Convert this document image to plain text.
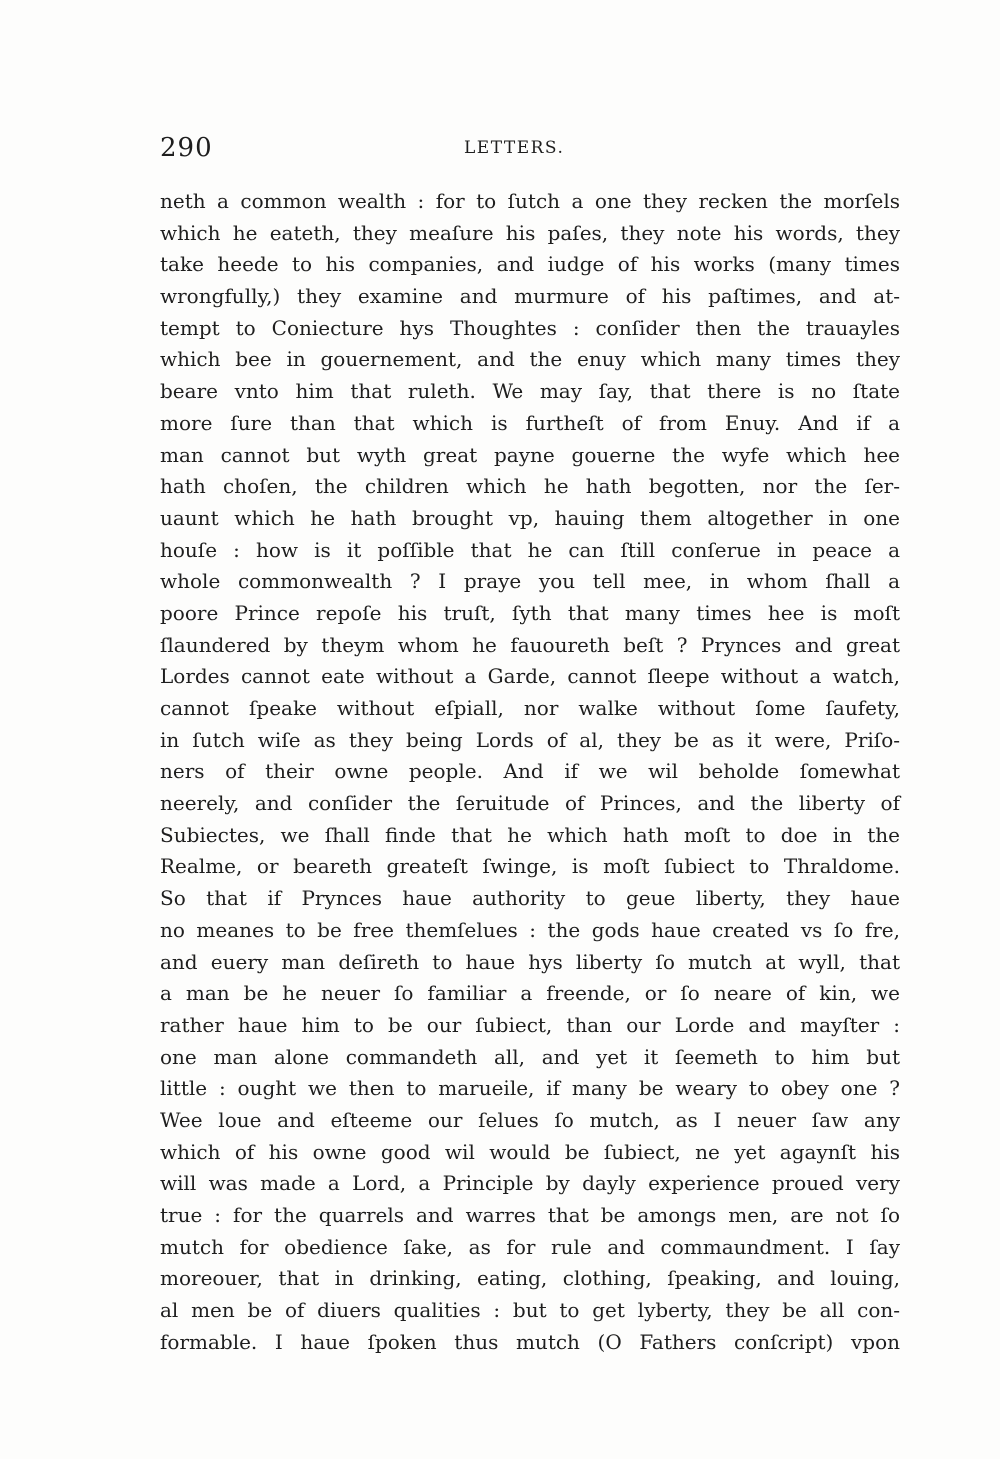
290	LETTERS.
neth a common wealth : for to ſutch a one they recken the morſels
which he eateth, they meaſure his paſes, they note his words, they
take heede to his companies, and iudge of his works (many times
wrongfully,) they examine and murmure of his paſtimes, and at-
tempt to Coniecture hys Thoughtes : conſider then the trauayles
which bee in gouernement, and the enuy which many times they
beare vnto him that ruleth. We may ſay, that there is no ſtate
more ſure than that which is furtheſt of from Enuy. And if a
man cannot but wyth great payne gouerne the wyfe which hee
hath choſen, the children which he hath begotten, nor the ſer-
uaunt which he hath brought vp, hauing them altogether in one
houſe : how is it poſſible that he can ſtill conſerue in peace a
whole commonwealth ? I praye you tell mee, in whom ſhall a
poore Prince repoſe his truſt, ſyth that many times hee is moſt
ſlaundered by theym whom he fauoureth beſt ? Prynces and great
Lordes cannot eate without a Garde, cannot ſleepe without a watch,
cannot ſpeake without eſpiall, nor walke without ſome ſaufety,
in ſutch wiſe as they being Lords of al, they be as it were, Priſo-
ners of their owne people. And if we wil beholde ſomewhat
neerely, and conſider the ſeruitude of Princes, and the liberty of
Subiectes, we ſhall finde that he which hath moſt to doe in the
Realme, or beareth greateſt ſwinge, is moſt ſubiect to Thraldome.
So that if Prynces haue authority to geue liberty, they haue
no meanes to be free themſelues : the gods haue created vs ſo fre,
and euery man deſireth to haue hys liberty ſo mutch at wyll, that
a man be he neuer ſo familiar a freende, or ſo neare of kin, we
rather haue him to be our ſubiect, than our Lorde and mayſter :
one man alone commandeth all, and yet it ſeemeth to him but
little : ought we then to marueile, if many be weary to obey one ?
Wee loue and eſteeme our ſelues ſo mutch, as I neuer ſaw any
which of his owne good wil would be ſubiect, ne yet agaynſt his
will was made a Lord, a Principle by dayly experience proued very
true : for the quarrels and warres that be amongs men, are not ſo
mutch for obedience ſake, as for rule and commaundment. I ſay
moreouer, that in drinking, eating, clothing, ſpeaking, and louing,
al men be of diuers qualities : but to get lyberty, they be all con-
formable. I haue ſpoken thus mutch (O Fathers conſcript) vpon
